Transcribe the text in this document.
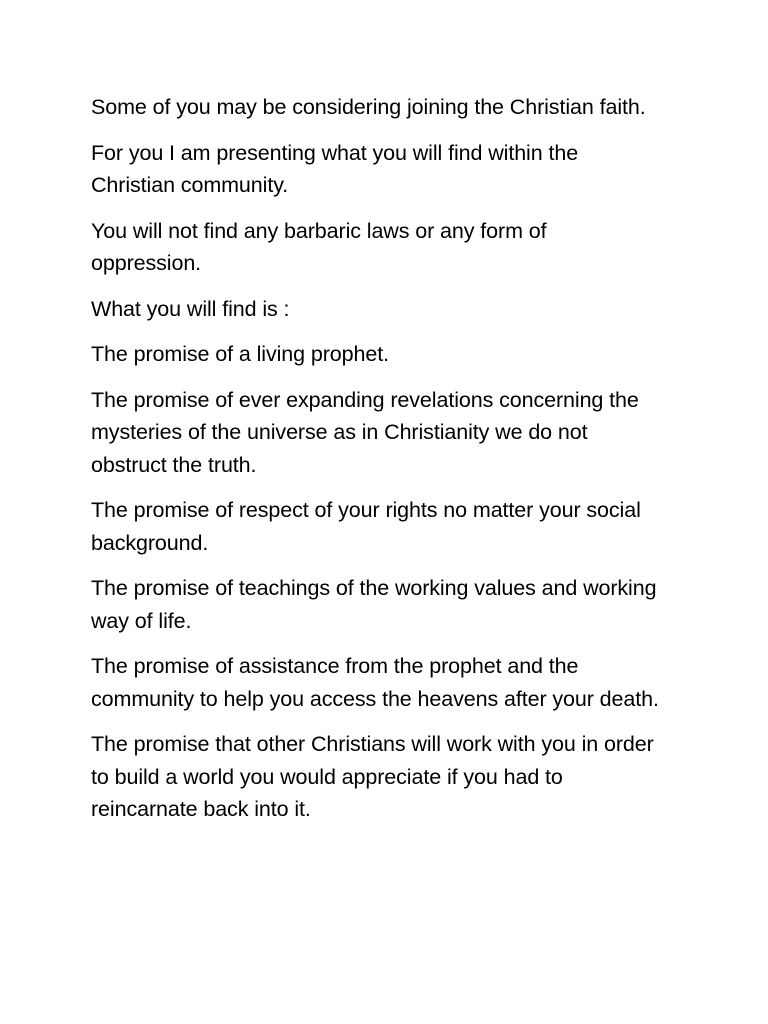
Some of you may be considering joining the Christian faith.

For you I am presenting what you will find within the Christian community.

You will not find any barbaric laws or any form of oppression.

What you will find is :

The promise of a living prophet.

The promise of ever expanding revelations concerning the mysteries of the universe as in Christianity we do not obstruct the truth.

The promise of respect of your rights no matter your social background.

The promise of teachings of the working values and working way of life.

The promise of assistance from the prophet and the community to help you access the heavens after your death.

The promise that other Christians will work with you in order to build a world you would appreciate if you had to reincarnate back into it.
